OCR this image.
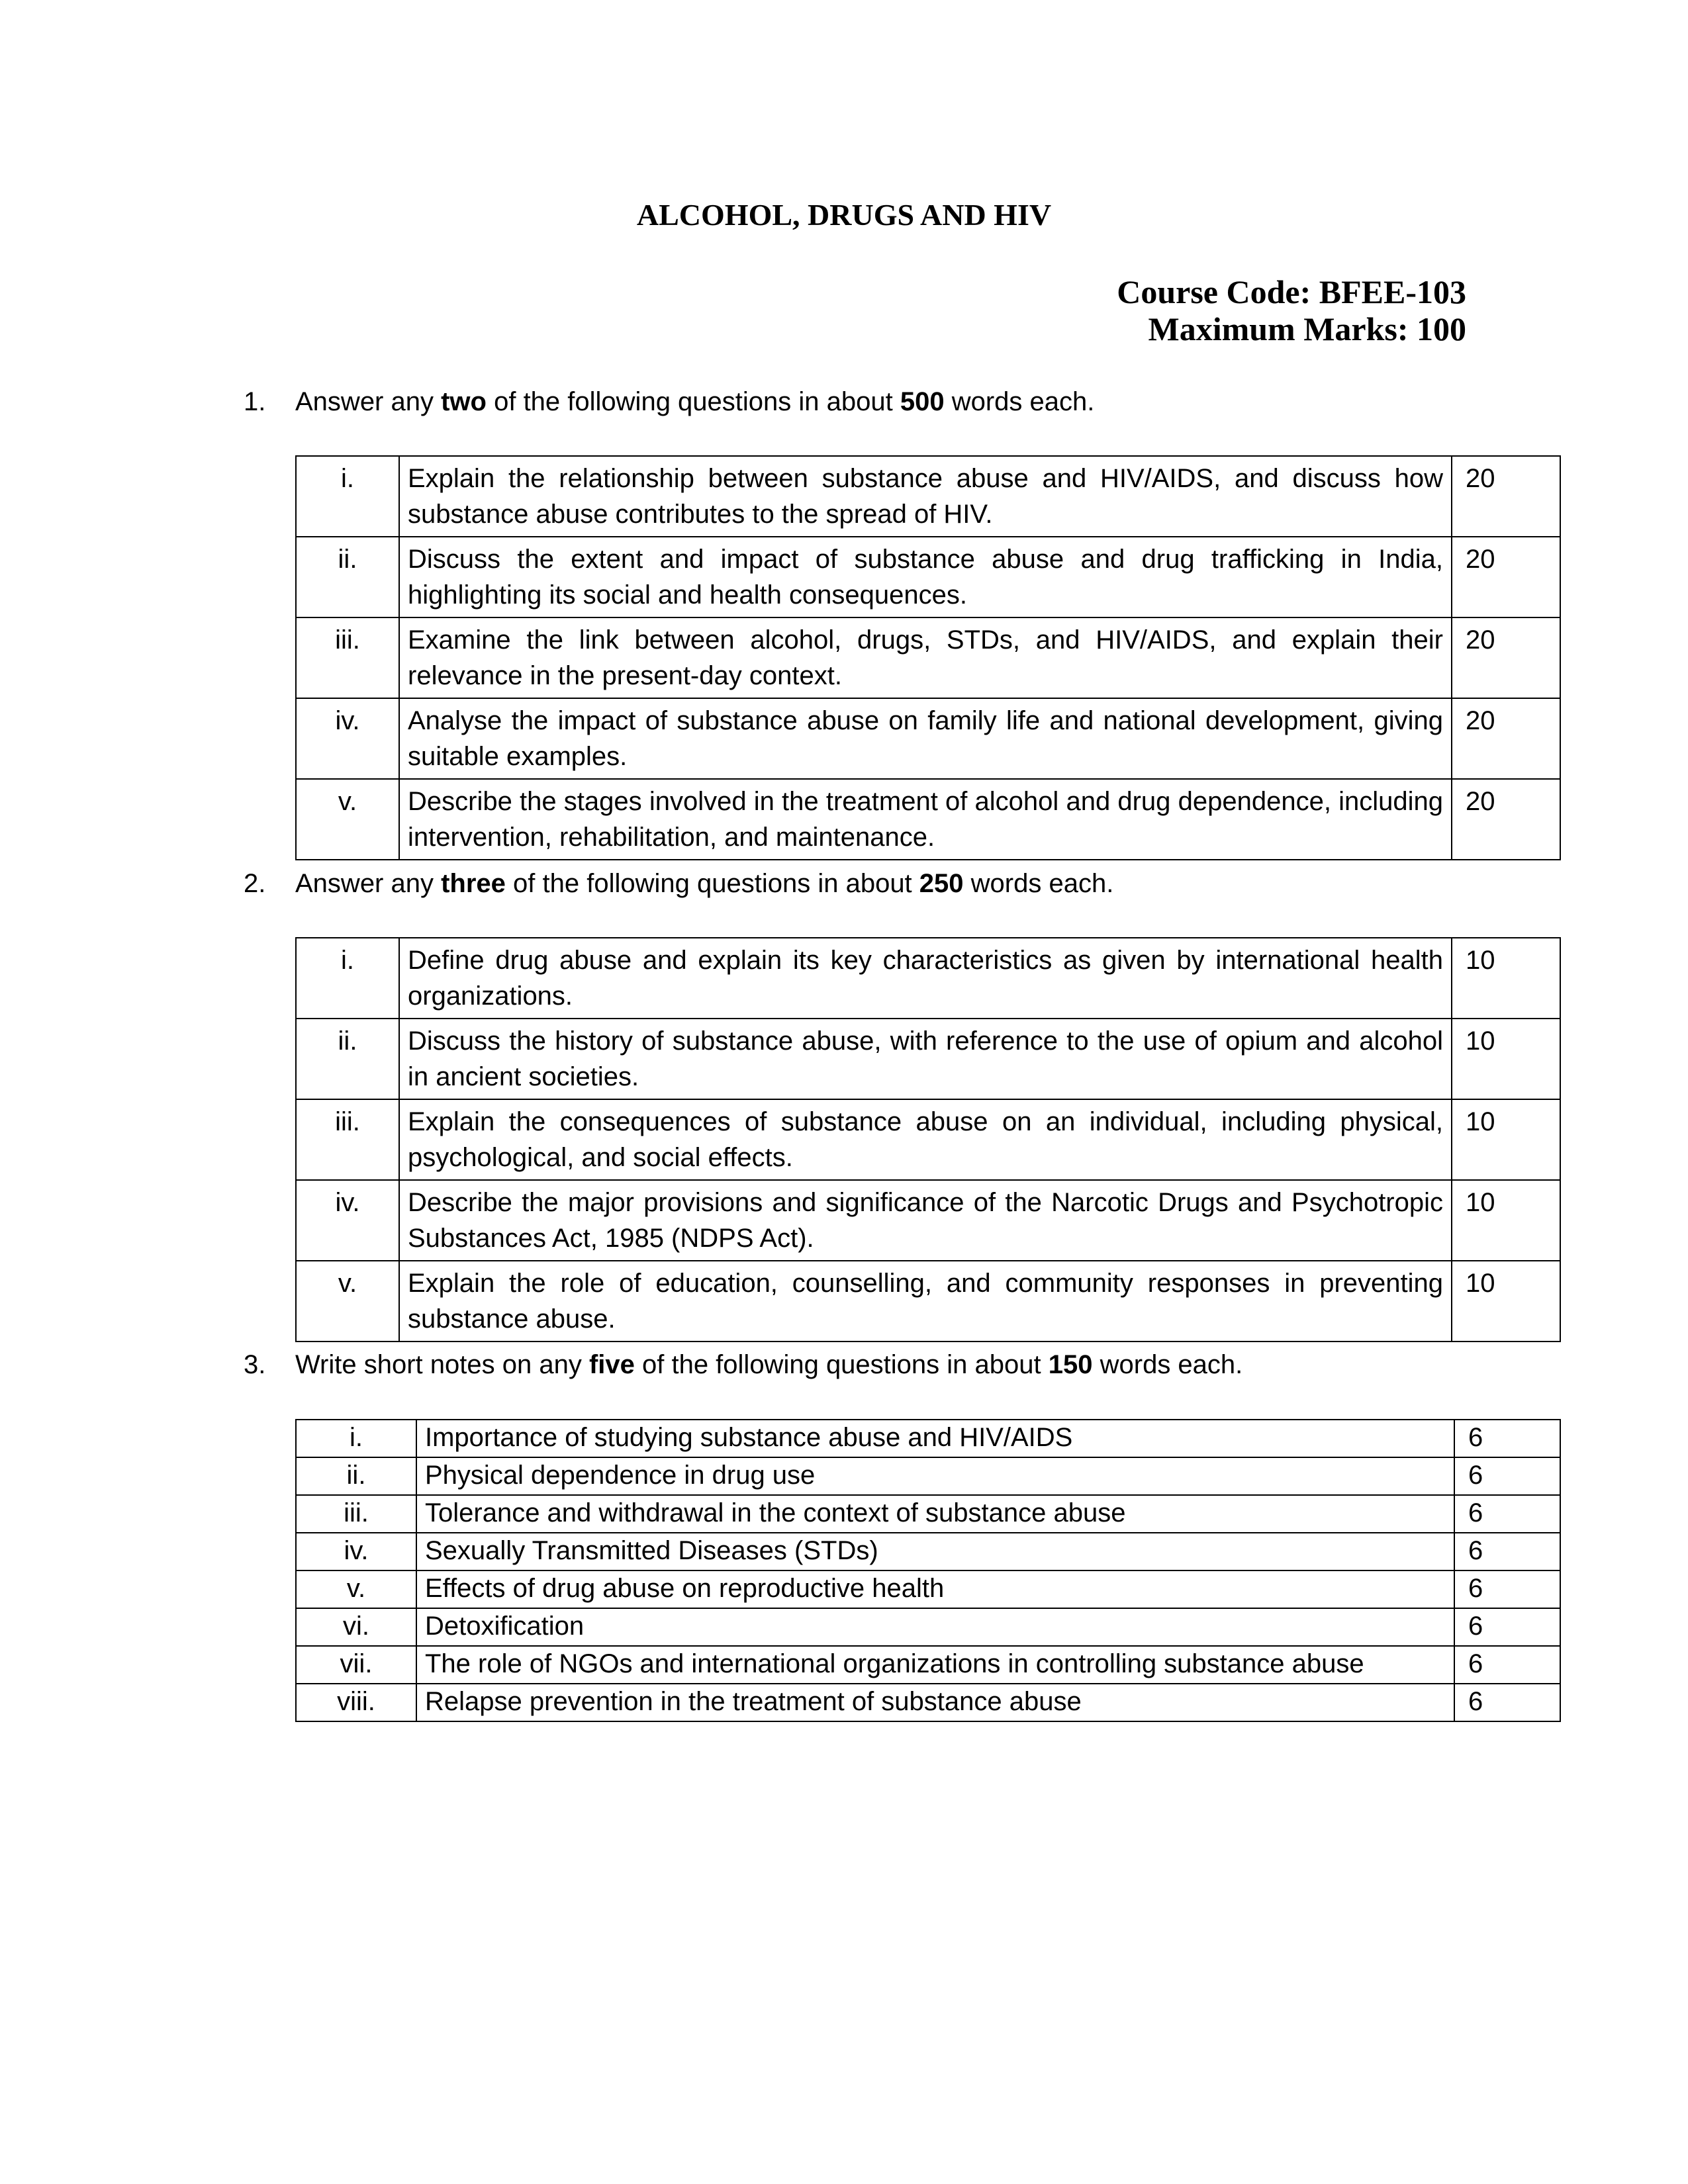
ALCOHOL, DRUGS AND HIV
Course Code: BFEE-103
Maximum Marks: 100
1. Answer any two of the following questions in about 500 words each.
i.	Explain the relationship between substance abuse and HIV/AIDS, and discuss how substance abuse contributes to the spread of HIV.	20
ii.	Discuss the extent and impact of substance abuse and drug trafficking in India, highlighting its social and health consequences.	20
iii.	Examine the link between alcohol, drugs, STDs, and HIV/AIDS, and explain their relevance in the present-day context.	20
iv.	Analyse the impact of substance abuse on family life and national development, giving suitable examples.	20
v.	Describe the stages involved in the treatment of alcohol and drug dependence, including intervention, rehabilitation, and maintenance.	20
2. Answer any three of the following questions in about 250 words each.
i.	Define drug abuse and explain its key characteristics as given by international health organizations.	10
ii.	Discuss the history of substance abuse, with reference to the use of opium and alcohol in ancient societies.	10
iii.	Explain the consequences of substance abuse on an individual, including physical, psychological, and social effects.	10
iv.	Describe the major provisions and significance of the Narcotic Drugs and Psychotropic Substances Act, 1985 (NDPS Act).	10
v.	Explain the role of education, counselling, and community responses in preventing substance abuse.	10
3. Write short notes on any five of the following questions in about 150 words each.
i.	Importance of studying substance abuse and HIV/AIDS	6
ii.	Physical dependence in drug use	6
iii.	Tolerance and withdrawal in the context of substance abuse	6
iv.	Sexually Transmitted Diseases (STDs)	6
v.	Effects of drug abuse on reproductive health	6
vi.	Detoxification	6
vii.	The role of NGOs and international organizations in controlling substance abuse	6
viii.	Relapse prevention in the treatment of substance abuse	6
